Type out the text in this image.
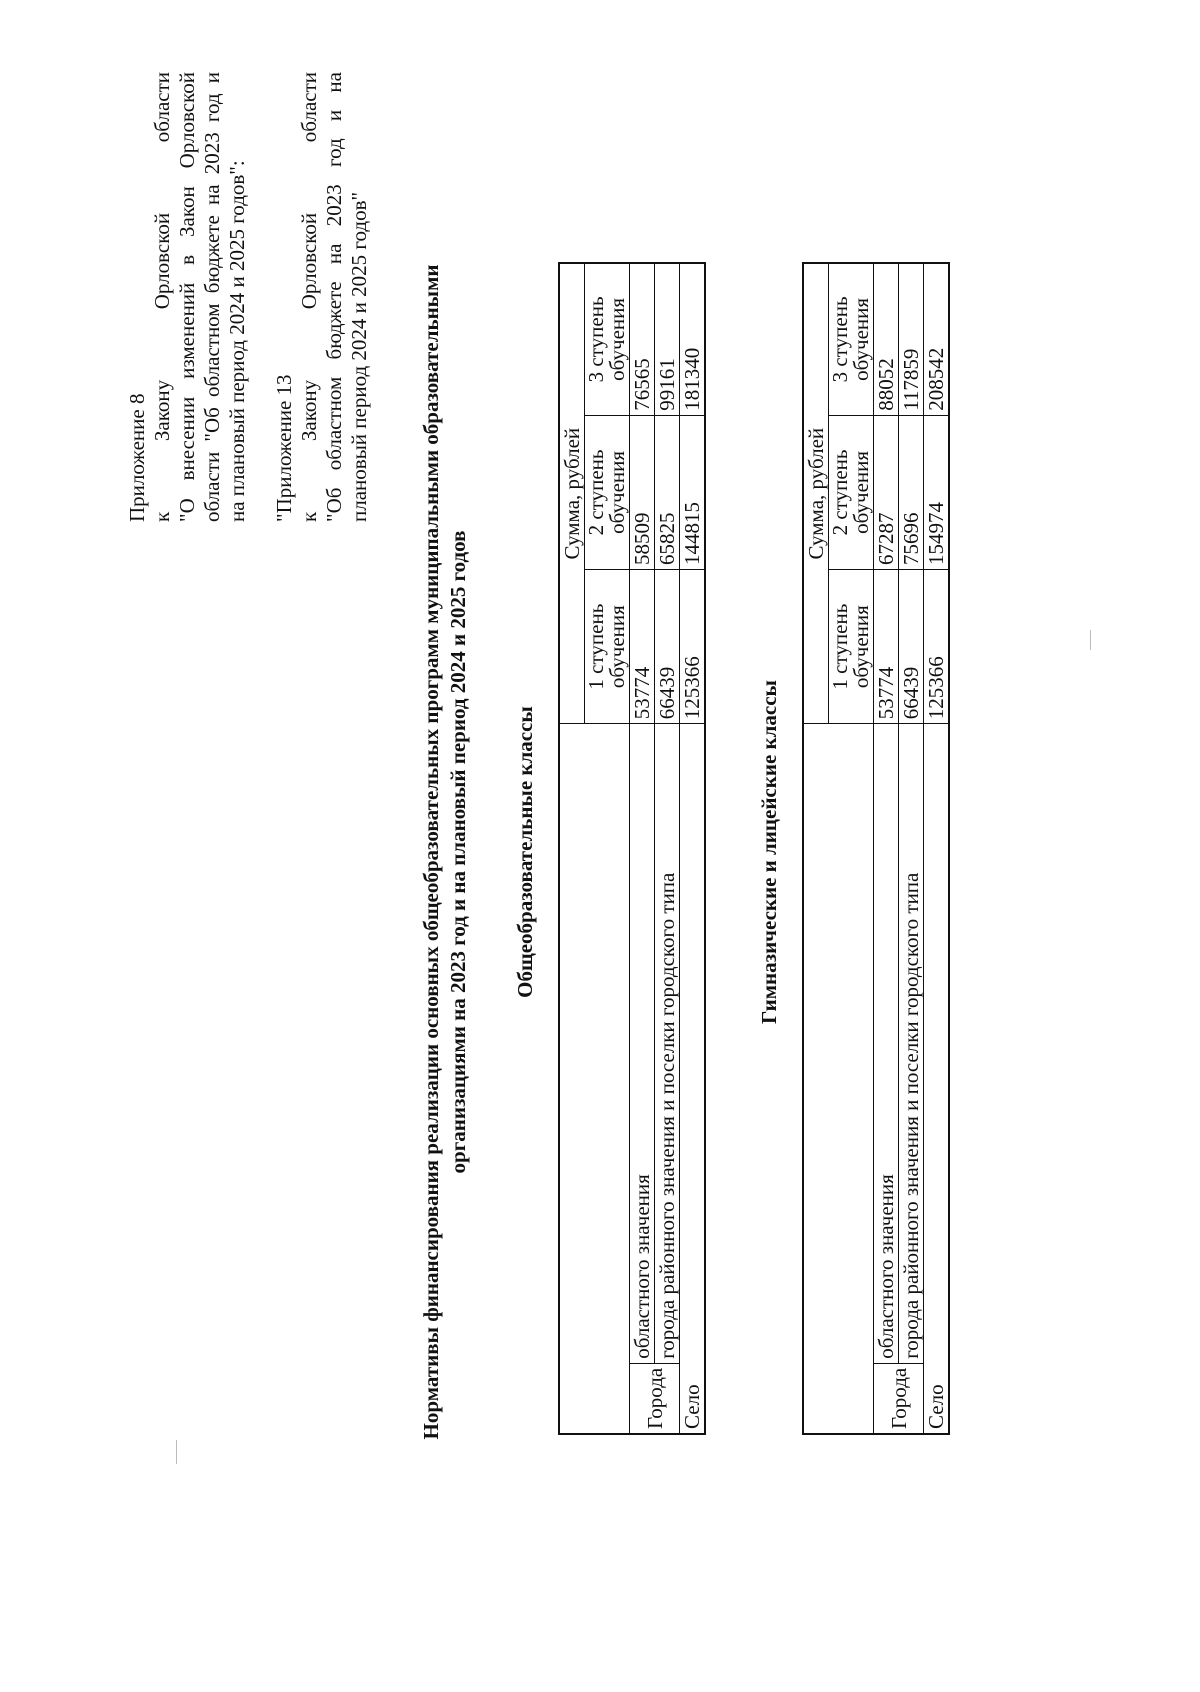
Приложение 8 к
Закону
Орловской
области "О внесении изменений в Закон Орловской области "Об областном бюджете на 2023 год и на плановый период 2024 и 2025 годов": "Приложение 13 к
Закону
Орловской
области "Об областном бюджете на 2023 год и на плановый период 2024 и 2025 годов" Нормативы финансирования реализации основных общеобразовательных программ муниципальными образовательными организациями на 2023 год и на плановый период 2024 и 2025 годов Общеобразовательные классы
		Сумма, рублей		
		1 ступень обучения	2 ступень обучения	3 ступень обучения
Города	областного значения	53774	58509	76565
	города районного значения и поселки городского типа	66439	65825	99161
Село		125366	144815	181340
Гимназические и лицейские классы
		Сумма, рублей		
		1 ступень обучения	2 ступень обучения	3 ступень обучения
Города	областного значения	53774	67287	88052
	города районного значения и поселки городского типа	66439	75696	117859
Село		125366	154974	208542
